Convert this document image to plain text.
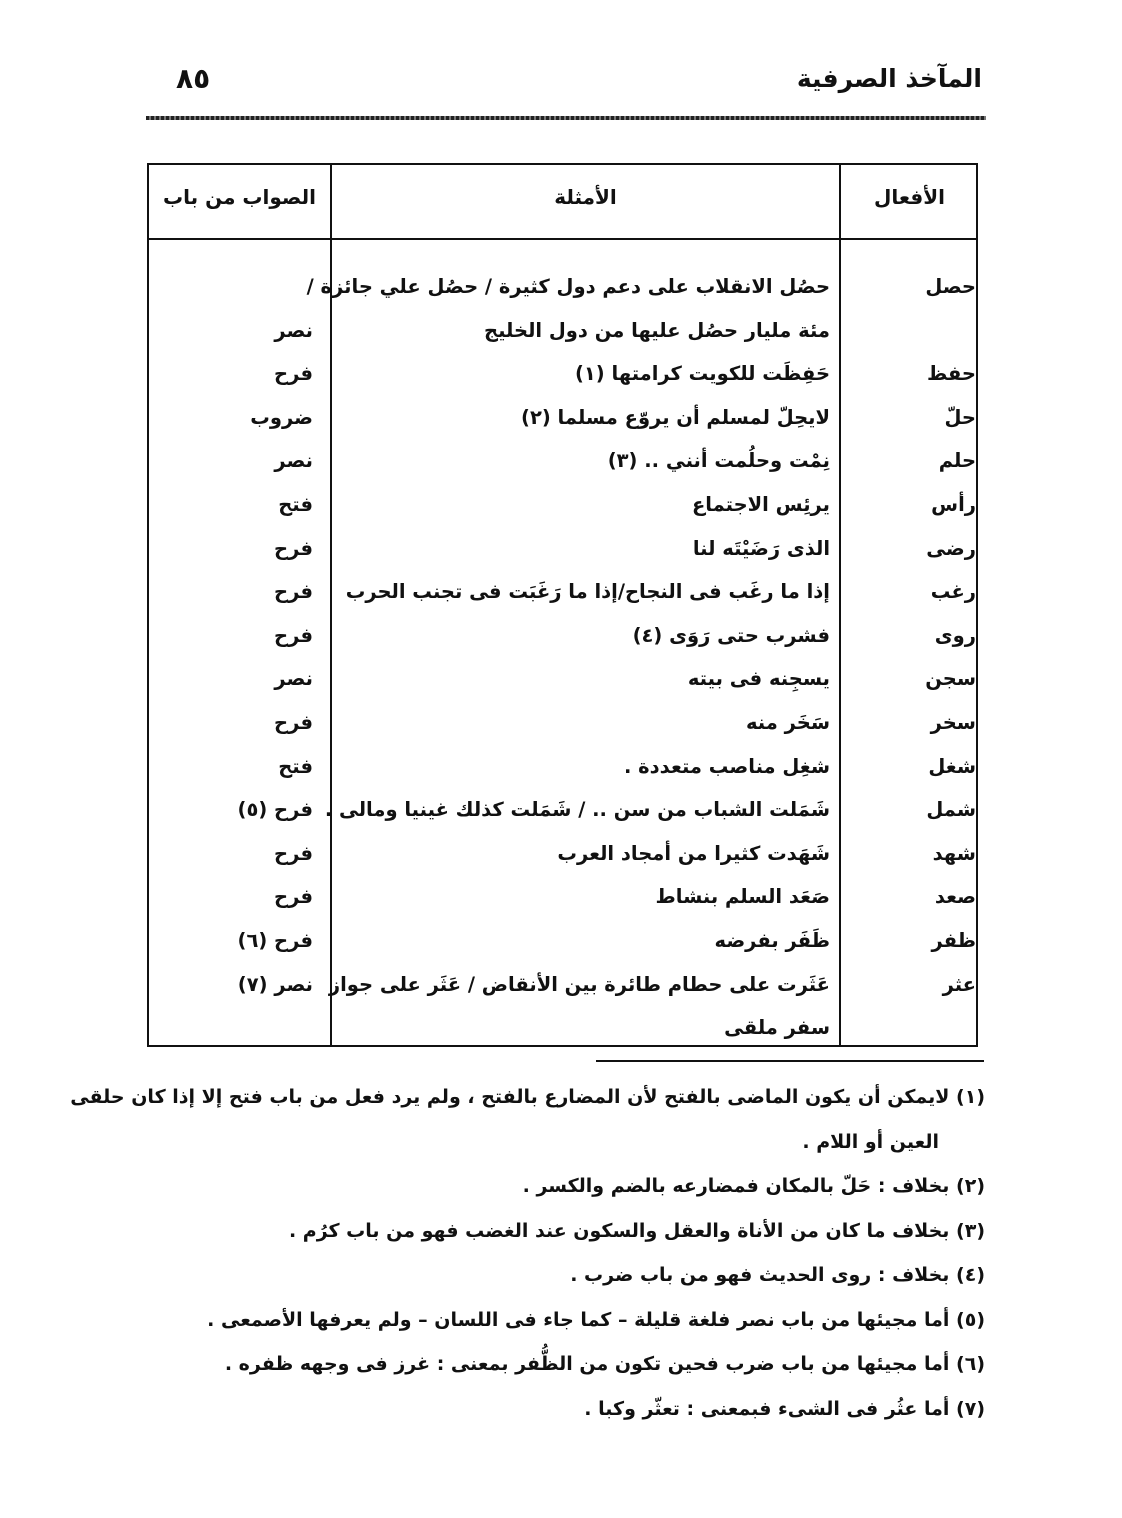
المآخذ الصرفية
٨٥
الأفعال
الأمثلة
الصواب من باب
حصل
حصُل الانقلاب على دعم دول كثيرة / حصُل علي جائزة /
مئة مليار حصُل عليها من دول الخليج
نصر
حفظ
حَفِظَت للكويت كرامتها (١)
فرح
حلّ
لايحِلّ لمسلم أن يروّع مسلما (٢)
ضروب
حلم
نِمْت وحلُمت أنني .. (٣)
نصر
رأس
يرئِس الاجتماع
فتح
رضى
الذى رَضَيْتَه لنا
فرح
رغب
إذا ما رغَب فى النجاح/إذا ما رَغَبَت فى تجنب الحرب
فرح
روى
فشرب حتى رَوَى (٤)
فرح
سجن
يسجِنه فى بيته
نصر
سخر
سَخَر منه
فرح
شغل
شغِل مناصب متعددة .
فتح
شمل
شَمَلت الشباب من سن .. / شَمَلت كذلك غينيا ومالى .
فرح (٥)
شهد
شَهَدت كثيرا من أمجاد العرب
فرح
صعد
صَعَد السلم بنشاط
فرح
ظفر
ظَفَر بفرضه
فرح (٦)
عثر
عَثَرت على حطام طائرة بين الأنقاض / عَثَر على جواز
نصر (٧)
سفر ملقى
(١) لايمكن أن يكون الماضى بالفتح لأن المضارع بالفتح ، ولم يرد فعل من باب فتح إلا إذا كان حلقى
العين أو اللام .
(٢) بخلاف : حَلّ بالمكان فمضارعه بالضم والكسر .
(٣) بخلاف ما كان من الأناة والعقل والسكون عند الغضب فهو من باب كرُم .
(٤) بخلاف : روى الحديث فهو من باب ضرب .
(٥) أما مجيئها من باب نصر فلغة قليلة – كما جاء فى اللسان – ولم يعرفها الأصمعى .
(٦) أما مجيئها من باب ضرب فحين تكون من الظُّفر بمعنى : غرز فى وجهه ظفره .
(٧) أما عثُر فى الشىء فبمعنى : تعثّر وكبا .
